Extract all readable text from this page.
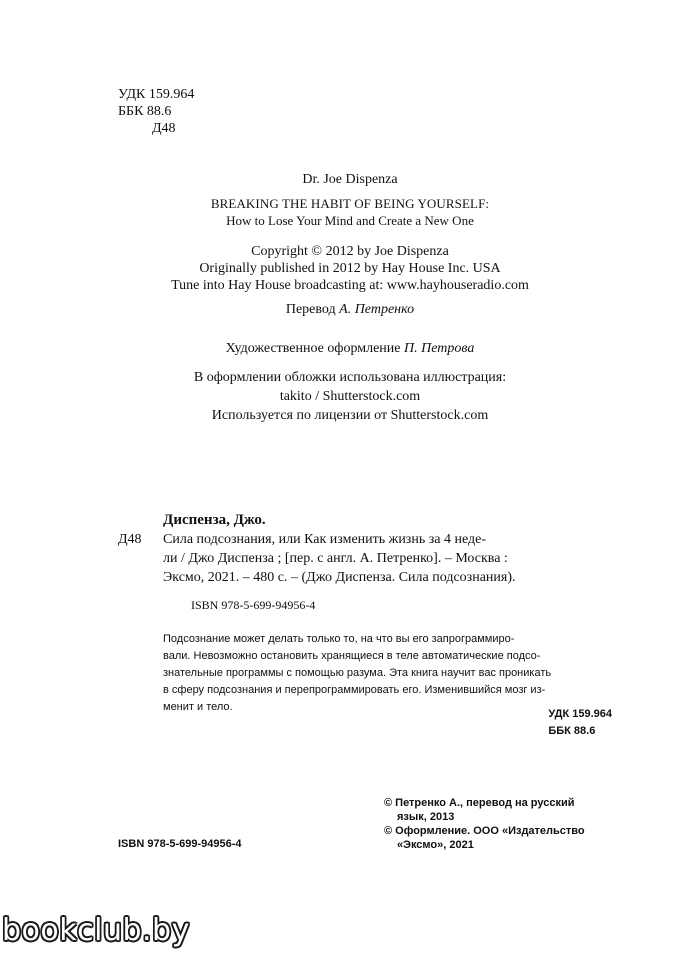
УДК 159.964
ББК 88.6
Д48
Dr. Joe Dispenza
BREAKING THE HABIT OF BEING YOURSELF:
How to Lose Your Mind and Create a New One
Copyright © 2012 by Joe Dispenza
Originally published in 2012 by Hay House Inc. USA
Tune into Hay House broadcasting at: www.hayhouseradio.com
Перевод А. Петренко
Художественное оформление П. Петрова
В оформлении обложки использована иллюстрация:
takito / Shutterstock.com
Используется по лицензии от Shutterstock.com
Диспенза, Джо.
Д48	Сила подсознания, или Как изменить жизнь за 4 неде-
ли / Джо Диспенза ; [пер. с англ. А. Петренко]. – Москва :
Эксмо, 2021. – 480 с. – (Джо Диспенза. Сила подсознания).
ISBN 978-5-699-94956-4
Подсознание может делать только то, на что вы его запрограммиро-
вали. Невозможно остановить хранящиеся в теле автоматические подсо-
знательные программы с помощью разума. Эта книга научит вас проникать
в сферу подсознания и перепрограммировать его. Изменившийся мозг из-
менит и тело.
УДК 159.964
ББК 88.6
© Петренко А., перевод на русский
язык, 2013
© Оформление. ООО «Издательство
«Эксмо», 2021
ISBN 978-5-699-94956-4
bookclub.by
